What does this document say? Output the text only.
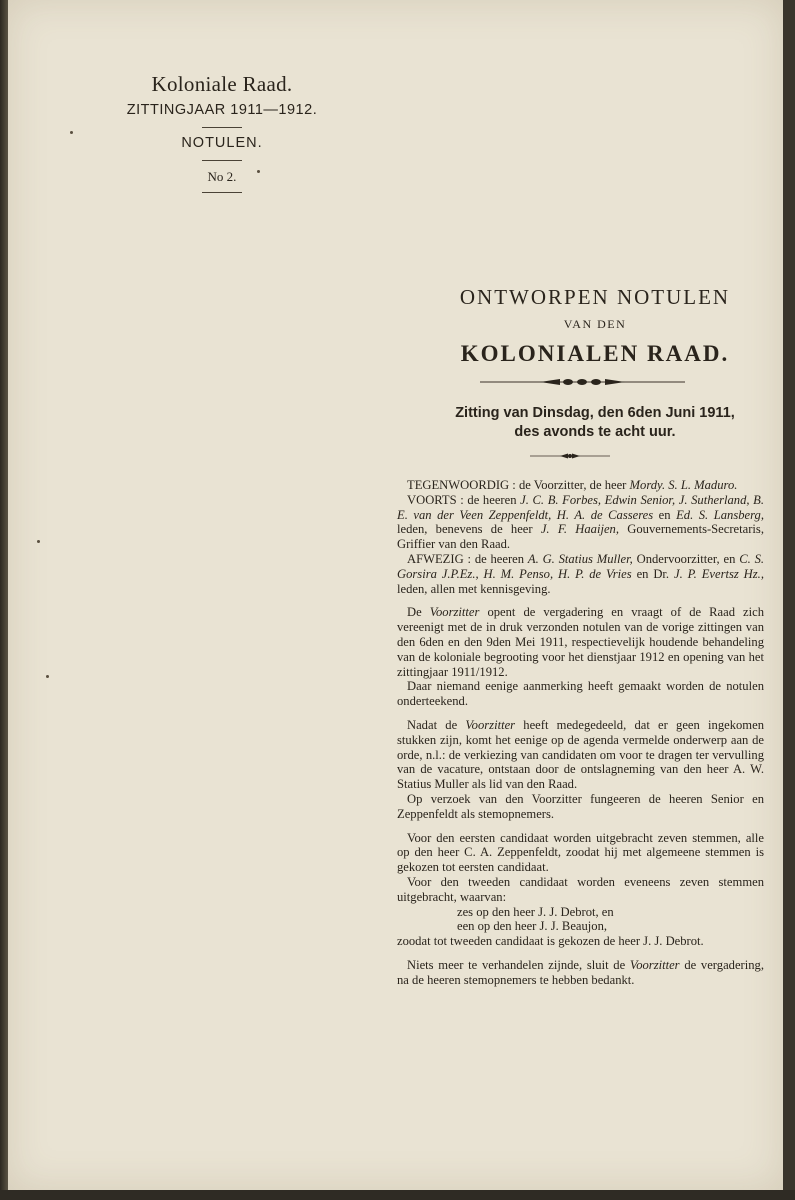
Koloniale Raad.
ZITTINGJAAR 1911—1912.
NOTULEN.
No 2.
ONTWORPEN NOTULEN
VAN DEN
KOLONIALEN RAAD.
Zitting van Dinsdag, den 6den Juni 1911,
des avonds te acht uur.

TEGENWOORDIG : de Voorzitter, de heer Mordy. S. L. Maduro.

VOORTS : de heeren J. C. B. Forbes, Edwin Senior, J. Sutherland, B. E. van der Veen Zeppenfeldt, H. A. de Casseres en Ed. S. Lansberg, leden, benevens de heer J. F. Haaijen, Gouvernements-Secretaris, Griffier van den Raad.

AFWEZIG : de heeren A. G. Statius Muller, Ondervoorzitter, en C. S. Gorsira J.P.Ez., H. M. Penso, H. P. de Vries en Dr. J. P. Evertsz Hz., leden, allen met kennisgeving.

De Voorzitter opent de vergadering en vraagt of de Raad zich vereenigt met de in druk verzonden notulen van de vorige zittingen van den 6den en den 9den Mei 1911, respectievelijk houdende behandeling van de koloniale begrooting voor het dienstjaar 1912 en opening van het zittingjaar 1911/1912.

Daar niemand eenige aanmerking heeft gemaakt worden de notulen onderteekend.

Nadat de Voorzitter heeft medegedeeld, dat er geen ingekomen stukken zijn, komt het eenige op de agenda vermelde onderwerp aan de orde, n.l.: de verkiezing van candidaten om voor te dragen ter vervulling van de vacature, ontstaan door de ontslagneming van den heer A. W. Statius Muller als lid van den Raad.

Op verzoek van den Voorzitter fungeeren de heeren Senior en Zeppenfeldt als stemopnemers.

Voor den eersten candidaat worden uitgebracht zeven stemmen, alle op den heer C. A. Zeppenfeldt, zoodat hij met algemeene stemmen is gekozen tot eersten candidaat.

Voor den tweeden candidaat worden eveneens zeven stemmen uitgebracht, waarvan:

zes op den heer J. J. Debrot, en

een op den heer J. J. Beaujon,

zoodat tot tweeden candidaat is gekozen de heer J. J. Debrot.

Niets meer te verhandelen zijnde, sluit de Voorzitter de vergadering, na de heeren stemopnemers te hebben bedankt.
